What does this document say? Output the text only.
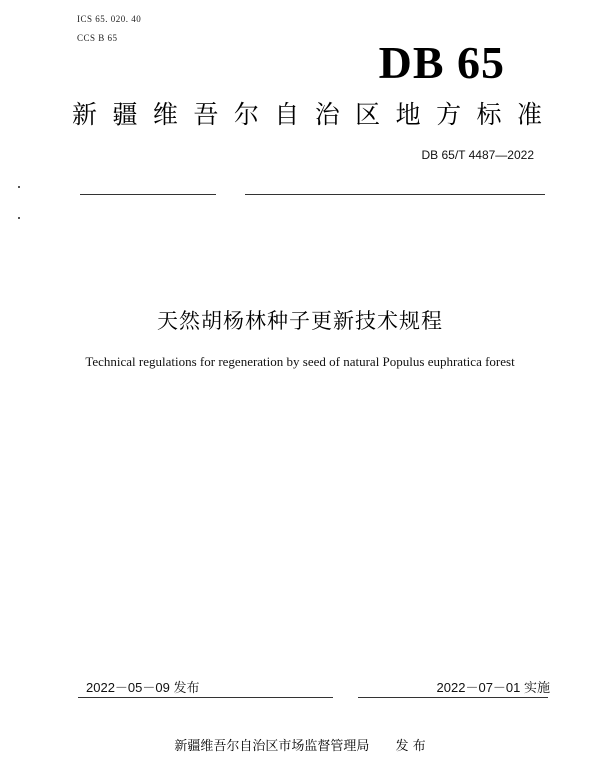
ICS 65. 020. 40
CCS B 65	DB 65
新疆维吾尔自治区地方标准
DB 65/T 4487—2022
天然胡杨林种子更新技术规程
Technical regulations for regeneration by seed of natural Populus euphratica forest
2022－05－09 发布	2022－07－01 实施
新疆维吾尔自治区市场监督管理局 发 布
